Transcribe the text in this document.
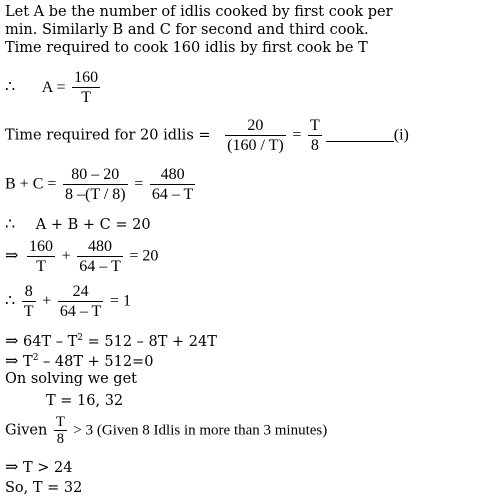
Let A be the number of idlis cooked by first cook per
min. Similarly B and C for second and third cook.
Time required to cook 160 idlis by first cook be T
∴ $A = \frac{160}{T}$
Time required for 20 idlis = $\frac{20}{(160 / T)} = \frac{T}{8}$	(i)
$B + C = \frac{80 - 20}{8 -(T / 8)} = \frac{480}{64 - T}$
∴ A + B + C = 20
⇒ $\frac{160}{T} + \frac{480}{64 - T} = 20$
∴ $\frac{8}{T} + \frac{24}{64 - T} = 1$
⇒ $64T - T^2 = 512 - 8T + 24T$
⇒ $T^2 - 48T + 512=0$
On solving we get
T = 16, 32
Given $\frac{T}{8} > 3$ (Given 8 Idlis in more than 3 minutes)
⇒ T > 24
So, T = 32
